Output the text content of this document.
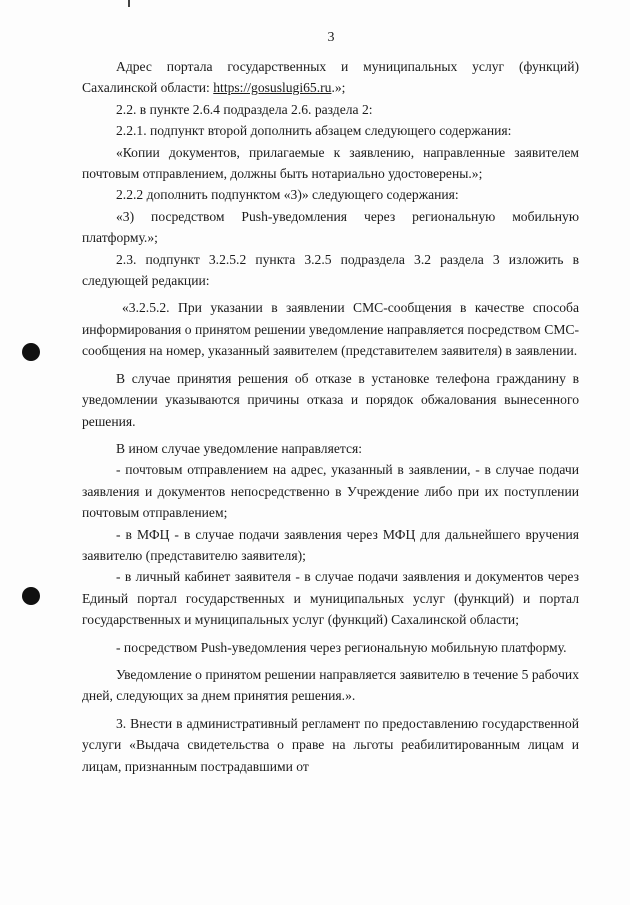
3

Адрес портала государственных и муниципальных услуг (функций) Сахалинской области: https://gosuslugi65.ru.»;

2.2. в пункте 2.6.4 подраздела 2.6. раздела 2:

2.2.1. подпункт второй дополнить абзацем следующего содержания:

«Копии документов, прилагаемые к заявлению, направленные заявителем почтовым отправлением, должны быть нотариально удостоверены.»;

2.2.2 дополнить подпунктом «3)» следующего содержания:

«3) посредством Push-уведомления через региональную мобильную платформу.»;

2.3. подпункт 3.2.5.2 пункта 3.2.5 подраздела 3.2 раздела 3 изложить в следующей редакции:

«3.2.5.2. При указании в заявлении СМС-сообщения в качестве способа информирования о принятом решении уведомление направляется посредством СМС-сообщения на номер, указанный заявителем (представителем заявителя) в заявлении.

В случае принятия решения об отказе в установке телефона гражданину в уведомлении указываются причины отказа и порядок обжалования вынесенного решения.

В ином случае уведомление направляется:

- почтовым отправлением на адрес, указанный в заявлении, - в случае подачи заявления и документов непосредственно в Учреждение либо при их поступлении почтовым отправлением;

- в МФЦ - в случае подачи заявления через МФЦ для дальнейшего вручения заявителю (представителю заявителя);

- в личный кабинет заявителя - в случае подачи заявления и документов через Единый портал государственных и муниципальных услуг (функций) и портал государственных и муниципальных услуг (функций) Сахалинской области;

- посредством Push-уведомления через региональную мобильную платформу.

Уведомление о принятом решении направляется заявителю в течение 5 рабочих дней, следующих за днем принятия решения.».

3. Внести в административный регламент по предоставлению государственной услуги «Выдача свидетельства о праве на льготы реабилитированным лицам и лицам, признанным пострадавшими от
